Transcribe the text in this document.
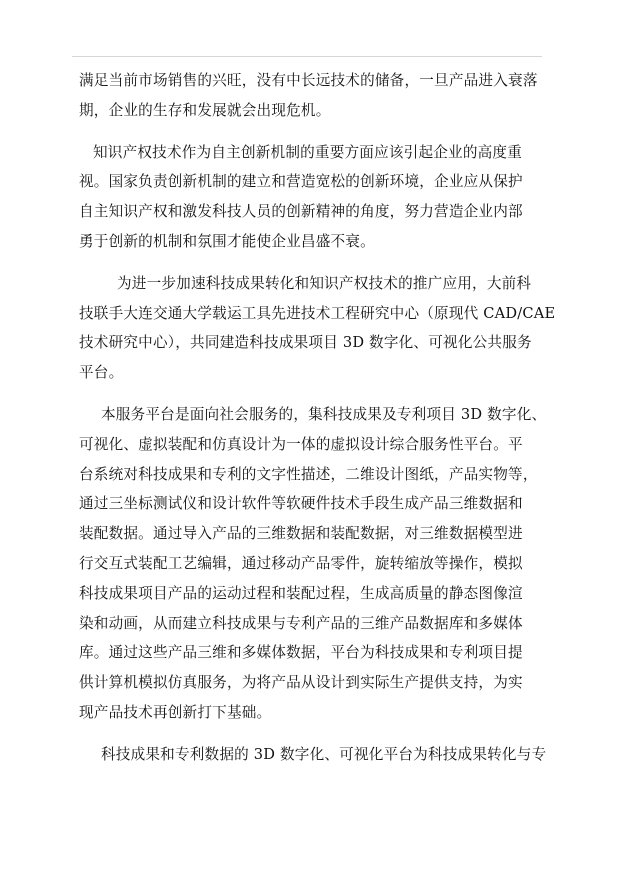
满足当前市场销售的兴旺，没有中长远技术的储备，一旦产品进入衰落
期，企业的生存和发展就会出现危机。
知识产权技术作为自主创新机制的重要方面应该引起企业的高度重
视。国家负责创新机制的建立和营造宽松的创新环境，企业应从保护
自主知识产权和激发科技人员的创新精神的角度，努力营造企业内部
勇于创新的机制和氛围才能使企业昌盛不衰。
为进一步加速科技成果转化和知识产权技术的推广应用，大前科
技联手大连交通大学载运工具先进技术工程研究中心（原现代 CAD/CAE
技术研究中心），共同建造科技成果项目 3D 数字化、可视化公共服务
平台。
本服务平台是面向社会服务的，集科技成果及专利项目 3D 数字化、
可视化、虚拟装配和仿真设计为一体的虚拟设计综合服务性平台。平
台系统对科技成果和专利的文字性描述，二维设计图纸，产品实物等，
通过三坐标测试仪和设计软件等软硬件技术手段生成产品三维数据和
装配数据。通过导入产品的三维数据和装配数据，对三维数据模型进
行交互式装配工艺编辑，通过移动产品零件，旋转缩放等操作，模拟
科技成果项目产品的运动过程和装配过程，生成高质量的静态图像渲
染和动画，从而建立科技成果与专利产品的三维产品数据库和多媒体
库。通过这些产品三维和多媒体数据，平台为科技成果和专利项目提
供计算机模拟仿真服务，为将产品从设计到实际生产提供支持，为实
现产品技术再创新打下基础。
科技成果和专利数据的 3D 数字化、可视化平台为科技成果转化与专
